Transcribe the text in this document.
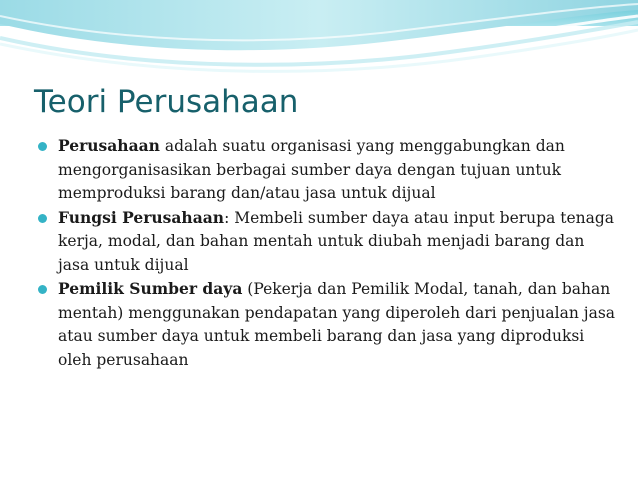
Teori Perusahaan
Perusahaan adalah suatu organisasi yang menggabungkan dan mengorganisasikan berbagai sumber daya dengan tujuan untuk memproduksi barang dan/atau jasa untuk dijual
Fungsi Perusahaan: Membeli sumber daya atau input berupa tenaga kerja, modal, dan bahan mentah untuk diubah menjadi barang dan jasa untuk dijual
Pemilik Sumber daya (Pekerja dan Pemilik Modal, tanah, dan bahan mentah) menggunakan pendapatan yang diperoleh dari penjualan jasa atau sumber daya untuk membeli barang dan jasa yang diproduksi oleh perusahaan
